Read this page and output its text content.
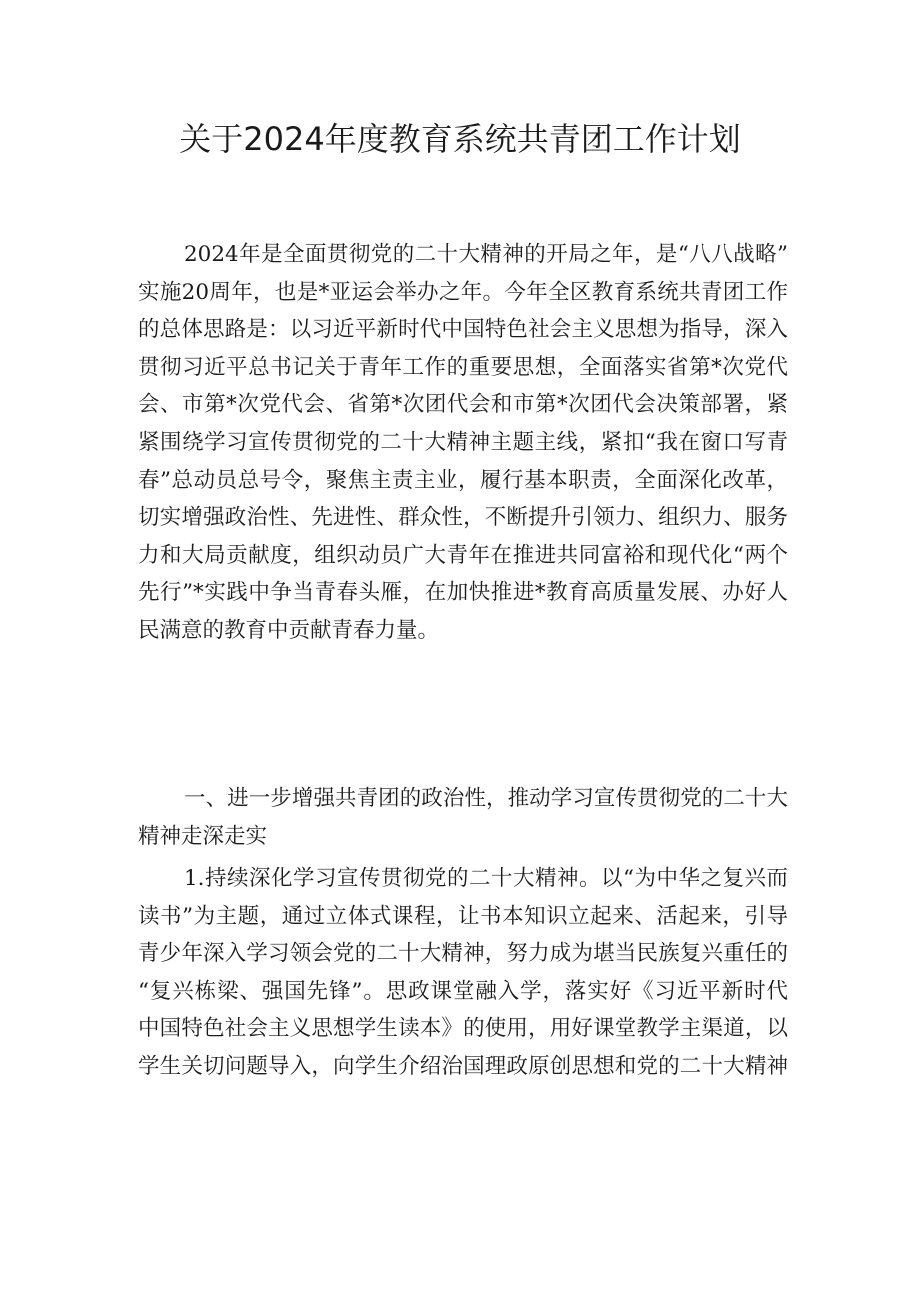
关于2024年度教育系统共青团工作计划
2024年是全面贯彻党的二十大精神的开局之年，是“八八战略”
实施20周年，也是*亚运会举办之年。今年全区教育系统共青团工作
的总体思路是：以习近平新时代中国特色社会主义思想为指导，深入
贯彻习近平总书记关于青年工作的重要思想，全面落实省第*次党代
会、市第*次党代会、省第*次团代会和市第*次团代会决策部署，紧
紧围绕学习宣传贯彻党的二十大精神主题主线，紧扣“我在窗口写青
春”总动员总号令，聚焦主责主业，履行基本职责，全面深化改革，
切实增强政治性、先进性、群众性，不断提升引领力、组织力、服务
力和大局贡献度，组织动员广大青年在推进共同富裕和现代化“两个
先行”*实践中争当青春头雁，在加快推进*教育高质量发展、办好人
民满意的教育中贡献青春力量。
一、进一步增强共青团的政治性，推动学习宣传贯彻党的二十大
精神走深走实
1.持续深化学习宣传贯彻党的二十大精神。以“为中华之复兴而
读书”为主题，通过立体式课程，让书本知识立起来、活起来，引导
青少年深入学习领会党的二十大精神，努力成为堪当民族复兴重任的
“复兴栋梁、强国先锋”。思政课堂融入学，落实好《习近平新时代
中国特色社会主义思想学生读本》的使用，用好课堂教学主渠道，以
学生关切问题导入，向学生介绍治国理政原创思想和党的二十大精神
